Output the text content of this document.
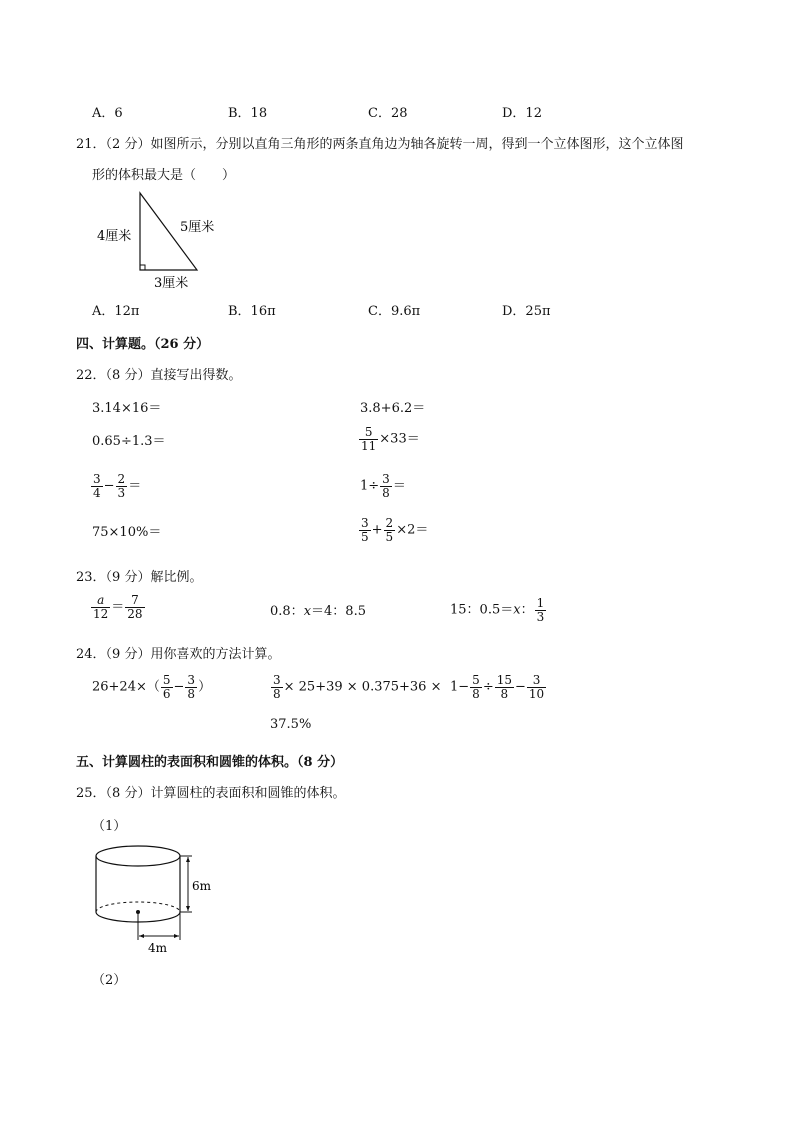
A．6	B．18	C．28	D．12
21．（2 分）如图所示，分别以直角三角形的两条直角边为轴各旋转一周，得到一个立体图形，这个立体图
形的体积最大是（　　）
4厘米
5厘米
3厘米
A．12π	B．16π	C．9.6π	D．25π
四、计算题。（26 分）
22．（8 分）直接写出得数。
3.14×16＝	3.8+6.2＝
0.65÷1.3＝	$\frac{5}{11} \times 33=$
$\frac{3}{4} - \frac{2}{3}$ ＝	$1\div \frac{3}{8}$ ＝
75×10%＝	$\frac{3}{5} + \frac{2}{5} \times 2=$
23．（9 分）解比例。
$\frac{a}{12} = \frac{7}{28}$	0.8：x＝4：8.5	15：0.5＝x： $\frac{1}{3}$
24．（9 分）用你喜欢的方法计算。
$26+24\times( \frac{5}{6} - \frac{3}{8}$ ）	$\frac{3}{8} \times 25+39 \times 0.375+36$ ×
37.5%
$1- \frac{5}{8} \div \frac{15}{8} - \frac{3}{10}$
五、计算圆柱的表面积和圆锥的体积。（8 分）
25．（8 分）计算圆柱的表面积和圆锥的体积。
（1）
4m
6m
（2）
